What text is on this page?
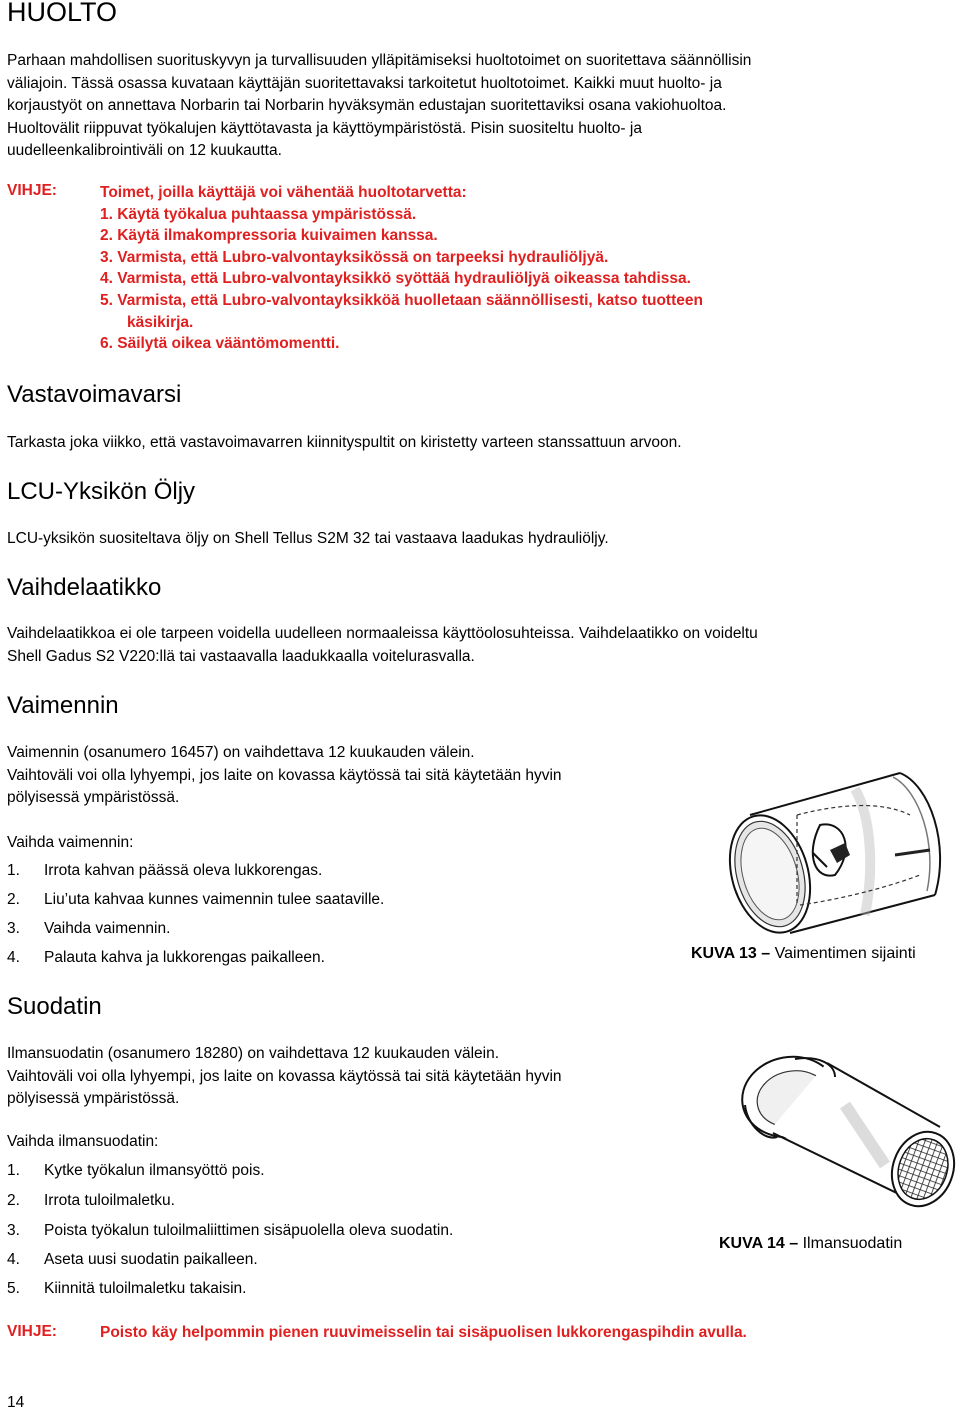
HUOLTO
Parhaan mahdollisen suorituskyvyn ja turvallisuuden ylläpitämiseksi huoltotoimet on suoritettava säännöllisin
väliajoin. Tässä osassa kuvataan käyttäjän suoritettavaksi tarkoitetut huoltotoimet. Kaikki muut huolto- ja
korjaustyöt on annettava Norbarin tai Norbarin hyväksymän edustajan suoritettaviksi osana vakiohuoltoa.
Huoltovälit riippuvat työkalujen käyttötavasta ja käyttöympäristöstä. Pisin suositeltu huolto- ja
uudelleenkalibrointiväli on 12 kuukautta.
VIHJE:	Toimet, joilla käyttäjä voi vähentää huoltotarvetta:
1. Käytä työkalua puhtaassa ympäristössä.
2. Käytä ilmakompressoria kuivaimen kanssa.
3. Varmista, että Lubro-valvontayksikössä on tarpeeksi hydrauliöljyä.
4. Varmista, että Lubro-valvontayksikkö syöttää hydrauliöljyä oikeassa tahdissa.
5. Varmista, että Lubro-valvontayksikköä huolletaan säännöllisesti, katso tuotteen
käsikirja.
6. Säilytä oikea vääntömomentti.
Vastavoimavarsi
Tarkasta joka viikko, että vastavoimavarren kiinnityspultit on kiristetty varteen stanssattuun arvoon.
LCU-Yksikön Öljy
LCU-yksikön suositeltava öljy on Shell Tellus S2M 32 tai vastaava laadukas hydrauliöljy.
Vaihdelaatikko
Vaihdelaatikkoa ei ole tarpeen voidella uudelleen normaaleissa käyttöolosuhteissa. Vaihdelaatikko on voideltu
Shell Gadus S2 V220:llä tai vastaavalla laadukkaalla voitelurasvalla.
Vaimennin
Vaimennin (osanumero 16457) on vaihdettava 12 kuukauden välein.
Vaihtoväli voi olla lyhyempi, jos laite on kovassa käytössä tai sitä käytetään hyvin
pölyisessä ympäristössä.
Vaihda vaimennin:
1. Irrota kahvan päässä oleva lukkorengas.
2. Liu’uta kahvaa kunnes vaimennin tulee saataville.
3. Vaihda vaimennin.
4. Palauta kahva ja lukkorengas paikalleen.	KUVA 13 – Vaimentimen sijainti
Suodatin
Ilmansuodatin (osanumero 18280) on vaihdettava 12 kuukauden välein.
Vaihtoväli voi olla lyhyempi, jos laite on kovassa käytössä tai sitä käytetään hyvin
pölyisessä ympäristössä.
Vaihda ilmansuodatin:
1. Kytke työkalun ilmansyöttö pois.
2. Irrota tuloilmaletku.
3. Poista työkalun tuloilmaliittimen sisäpuolella oleva suodatin.
4. Aseta uusi suodatin paikalleen.
5. Kiinnitä tuloilmaletku takaisin.
KUVA 14 – Ilmansuodatin
VIHJE:	Poisto käy helpommin pienen ruuvimeisselin tai sisäpuolisen lukkorengaspihdin avulla.
14
